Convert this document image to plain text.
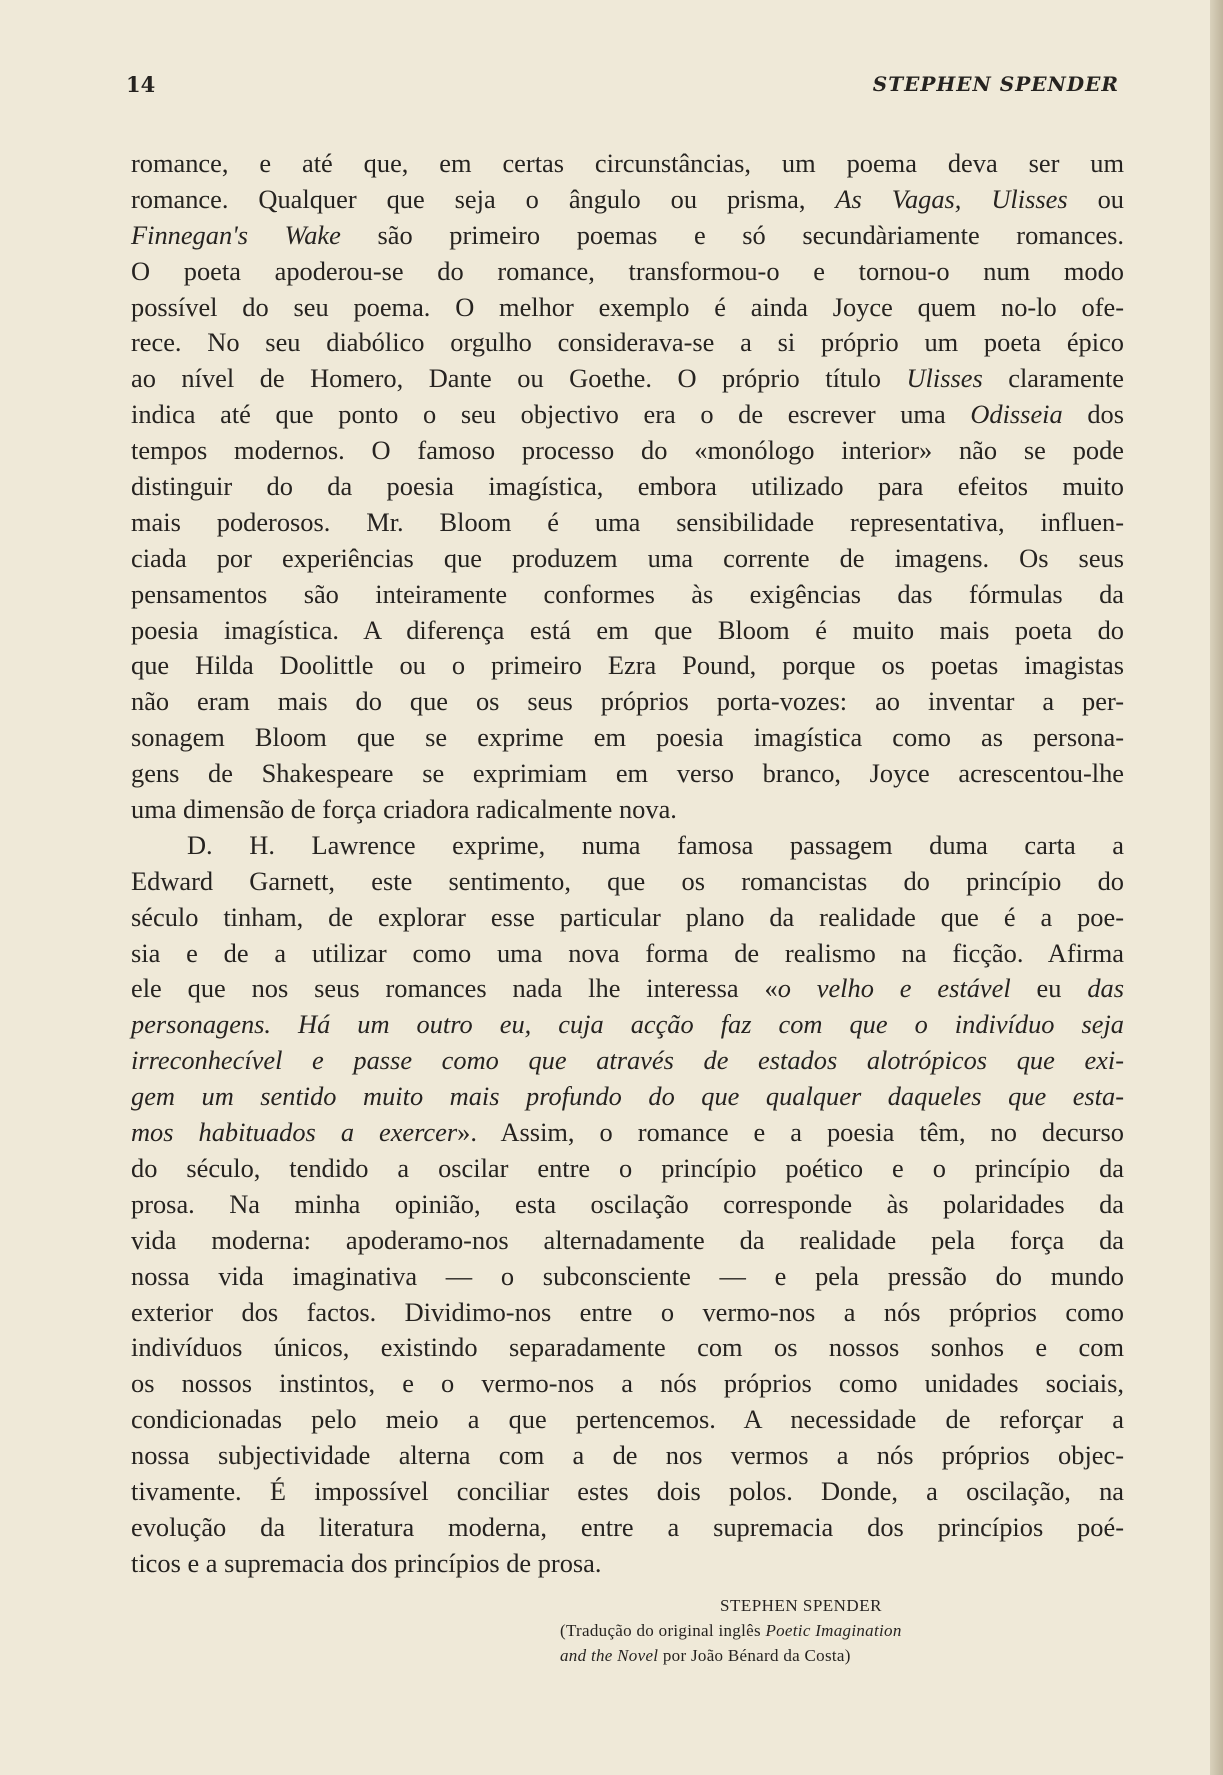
14	STEPHEN SPENDER
romance, e até que, em certas circunstâncias, um poema deva ser um
romance. Qualquer que seja o ângulo ou prisma, As Vagas, Ulisses ou
Finnegan's Wake são primeiro poemas e só secundàriamente romances.
O poeta apoderou-se do romance, transformou-o e tornou-o num modo
possível do seu poema. O melhor exemplo é ainda Joyce quem no-lo ofe-
rece. No seu diabólico orgulho considerava-se a si próprio um poeta épico
ao nível de Homero, Dante ou Goethe. O próprio título Ulisses claramente
indica até que ponto o seu objectivo era o de escrever uma Odisseia dos
tempos modernos. O famoso processo do «monólogo interior» não se pode
distinguir do da poesia imagística, embora utilizado para efeitos muito
mais poderosos. Mr. Bloom é uma sensibilidade representativa, influen-
ciada por experiências que produzem uma corrente de imagens. Os seus
pensamentos são inteiramente conformes às exigências das fórmulas da
poesia imagística. A diferença está em que Bloom é muito mais poeta do
que Hilda Doolittle ou o primeiro Ezra Pound, porque os poetas imagistas
não eram mais do que os seus próprios porta-vozes: ao inventar a per-
sonagem Bloom que se exprime em poesia imagística como as persona-
gens de Shakespeare se exprimiam em verso branco, Joyce acrescentou-lhe
uma dimensão de força criadora radicalmente nova.
D. H. Lawrence exprime, numa famosa passagem duma carta a
Edward Garnett, este sentimento, que os romancistas do princípio do
século tinham, de explorar esse particular plano da realidade que é a poe-
sia e de a utilizar como uma nova forma de realismo na ficção. Afirma
ele que nos seus romances nada lhe interessa «o velho e estável eu das
personagens. Há um outro eu, cuja acção faz com que o indivíduo seja
irreconhecível e passe como que através de estados alotrópicos que exi-
gem um sentido muito mais profundo do que qualquer daqueles que esta-
mos habituados a exercer». Assim, o romance e a poesia têm, no decurso
do século, tendido a oscilar entre o princípio poético e o princípio da
prosa. Na minha opinião, esta oscilação corresponde às polaridades da
vida moderna: apoderamo-nos alternadamente da realidade pela força da
nossa vida imaginativa — o subconsciente — e pela pressão do mundo
exterior dos factos. Dividimo-nos entre o vermo-nos a nós próprios como
indivíduos únicos, existindo separadamente com os nossos sonhos e com
os nossos instintos, e o vermo-nos a nós próprios como unidades sociais,
condicionadas pelo meio a que pertencemos. A necessidade de reforçar a
nossa subjectividade alterna com a de nos vermos a nós próprios objec-
tivamente. É impossível conciliar estes dois polos. Donde, a oscilação, na
evolução da literatura moderna, entre a supremacia dos princípios poé-
ticos e a supremacia dos princípios de prosa.
STEPHEN SPENDER
(Tradução do original inglês Poetic Imagination
and the Novel por João Bénard da Costa)
